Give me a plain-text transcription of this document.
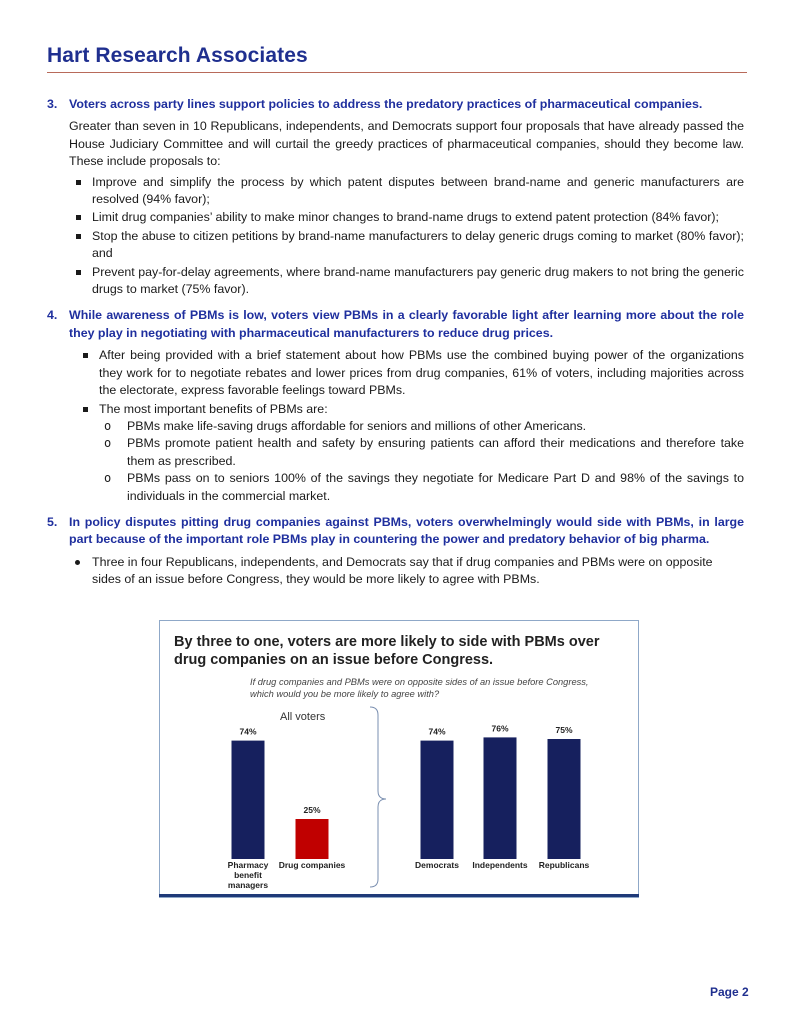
Hart Research Associates
3. Voters across party lines support policies to address the predatory practices of pharmaceutical companies.
Greater than seven in 10 Republicans, independents, and Democrats support four proposals that have already passed the House Judiciary Committee and will curtail the greedy practices of pharmaceutical companies, should they become law. These include proposals to:
Improve and simplify the process by which patent disputes between brand-name and generic manufacturers are resolved (94% favor);
Limit drug companies’ ability to make minor changes to brand-name drugs to extend patent protection (84% favor);
Stop the abuse to citizen petitions by brand-name manufacturers to delay generic drugs coming to market (80% favor); and
Prevent pay-for-delay agreements, where brand-name manufacturers pay generic drug makers to not bring the generic drugs to market (75% favor).
4. While awareness of PBMs is low, voters view PBMs in a clearly favorable light after learning more about the role they play in negotiating with pharmaceutical manufacturers to reduce drug prices.
After being provided with a brief statement about how PBMs use the combined buying power of the organizations they work for to negotiate rebates and lower prices from drug companies, 61% of voters, including majorities across the electorate, express favorable feelings toward PBMs.
The most important benefits of PBMs are:
o PBMs make life-saving drugs affordable for seniors and millions of other Americans.
o PBMs promote patient health and safety by ensuring patients can afford their medications and therefore take them as prescribed.
o PBMs pass on to seniors 100% of the savings they negotiate for Medicare Part D and 98% of the savings to individuals in the commercial market.
5. In policy disputes pitting drug companies against PBMs, voters overwhelmingly would side with PBMs, in large part because of the important role PBMs play in countering the power and predatory behavior of big pharma.
Three in four Republicans, independents, and Democrats say that if drug companies and PBMs were on opposite sides of an issue before Congress, they would be more likely to agree with PBMs.
By three to one, voters are more likely to side with PBMs over drug companies on an issue before Congress.
If drug companies and PBMs were on opposite sides of an issue before Congress, which would you be more likely to agree with?
All voters
74%
Pharmacy
benefit
managers
25%
Drug companies
74%
Democrats
76%
Independents
75%
Republicans
Page 2
